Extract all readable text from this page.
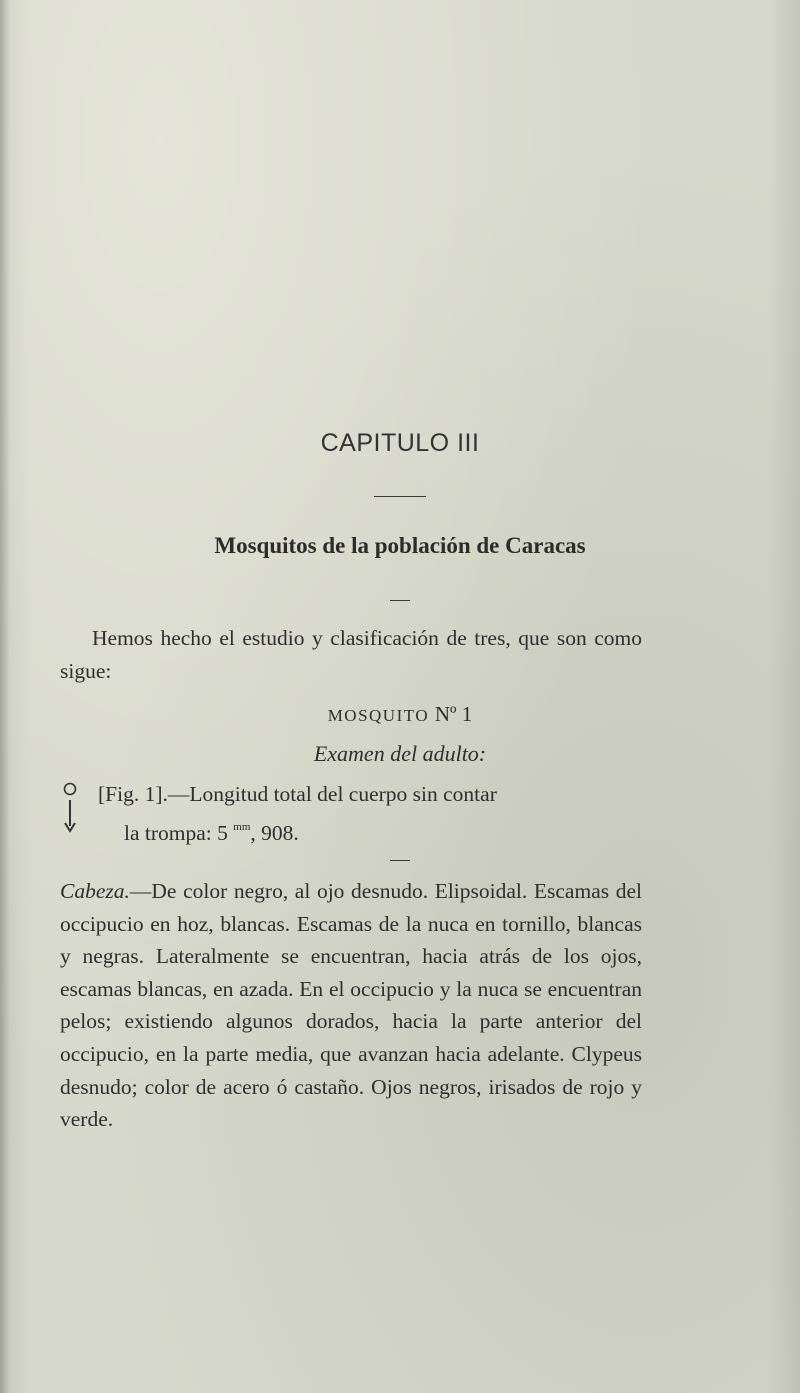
CAPITULO III
Mosquitos de la población de Caracas

Hemos hecho el estudio y clasificación de tres, que son como sigue:

MOSQUITO Nº 1
Examen del adulto:
[Fig. 1].—Longitud total del cuerpo sin contar
la trompa: 5 $^{mm}$, 908.

Cabeza.—De color negro, al ojo desnudo. Elipsoidal. Escamas del occipucio en hoz, blancas. Escamas de la nuca en tornillo, blancas y negras. Lateralmente se encuentran, hacia atrás de los ojos, escamas blancas, en azada. En el occipucio y la nuca se encuentran pelos; existiendo algunos dorados, hacia la parte anterior del occipucio, en la parte media, que avanzan hacia adelante. Clypeus desnudo; color de acero ó castaño. Ojos negros, irisados de rojo y verde.
